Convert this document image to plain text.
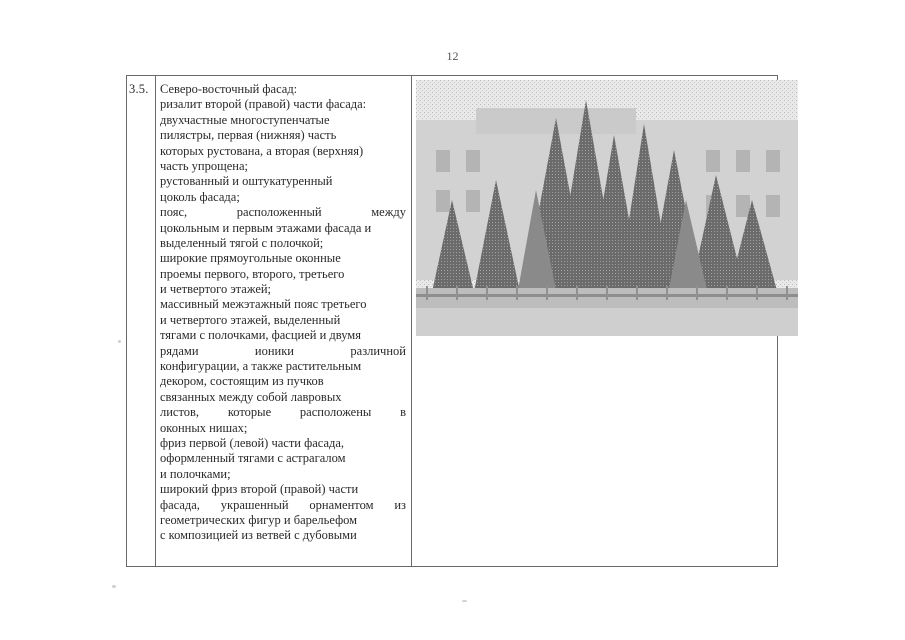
12
3.5. Северо-восточный фасад:
ризалит второй (правой) части фасада:
двухчастные многоступенчатые
пилястры, первая (нижняя) часть
которых рустована, а вторая (верхняя)
часть упрощена;
рустованный и оштукатуренный
цоколь фасада;
пояс,	расположенный	между
цокольным и первым этажами фасада и
выделенный тягой с полочкой;
широкие прямоугольные оконные
проемы первого, второго, третьего
и четвертого этажей;
массивный межэтажный пояс третьего
и четвертого этажей, выделенный
тягами с полочками, фасцией и двумя
рядами	ионики	различной
конфигурации, а также растительным
декором, состоящим из пучков
связанных между собой лавровых
листов, которые расположены в
оконных нишах;
фриз первой (левой) части фасада,
оформленный тягами с астрагалом
и полочками;
широкий фриз второй (правой) части
фасада, украшенный орнаментом из
геометрических фигур и барельефом
с композицией из ветвей с дубовыми
